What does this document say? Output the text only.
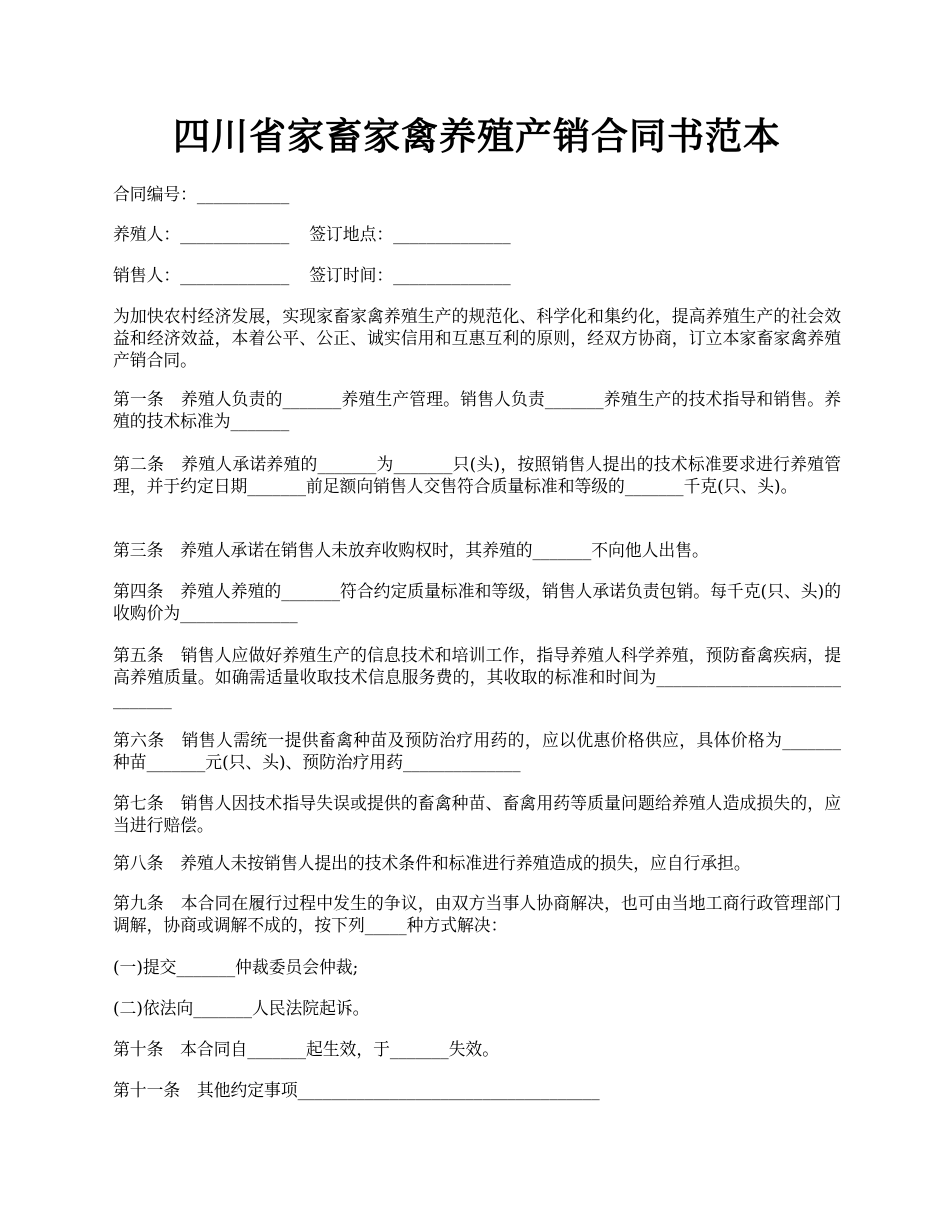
四川省家畜家禽养殖产销合同书范本
合同编号：___________
养殖人：_____________ 签订地点：______________
销售人：_____________ 签订时间：______________
为加快农村经济发展，实现家畜家禽养殖生产的规范化、科学化和集约化，提高养殖生产的社会效益和经济效益，本着公平、公正、诚实信用和互惠互利的原则，经双方协商，订立本家畜家禽养殖产销合同。
第一条　养殖人负责的_______养殖生产管理。销售人负责_______养殖生产的技术指导和销售。养殖的技术标准为_______
第二条　养殖人承诺养殖的_______为_______只(头)，按照销售人提出的技术标准要求进行养殖管理，并于约定日期_______前足额向销售人交售符合质量标准和等级的_______千克(只、头)。
第三条　养殖人承诺在销售人未放弃收购权时，其养殖的_______不向他人出售。
第四条　养殖人养殖的_______符合约定质量标准和等级，销售人承诺负责包销。每千克(只、头)的收购价为______________
第五条　销售人应做好养殖生产的信息技术和培训工作，指导养殖人科学养殖，预防畜禽疾病，提高养殖质量。如确需适量收取技术信息服务费的，其收取的标准和时间为_____________________________
第六条　销售人需统一提供畜禽种苗及预防治疗用药的，应以优惠价格供应，具体价格为_______种苗_______元(只、头)、预防治疗用药______________
第七条　销售人因技术指导失误或提供的畜禽种苗、畜禽用药等质量问题给养殖人造成损失的，应当进行赔偿。
第八条　养殖人未按销售人提出的技术条件和标准进行养殖造成的损失，应自行承担。
第九条　本合同在履行过程中发生的争议，由双方当事人协商解决，也可由当地工商行政管理部门调解，协商或调解不成的，按下列_____种方式解决：
(一)提交_______仲裁委员会仲裁;
(二)依法向_______人民法院起诉。
第十条　本合同自_______起生效，于_______失效。
第十一条　其他约定事项____________________________________
